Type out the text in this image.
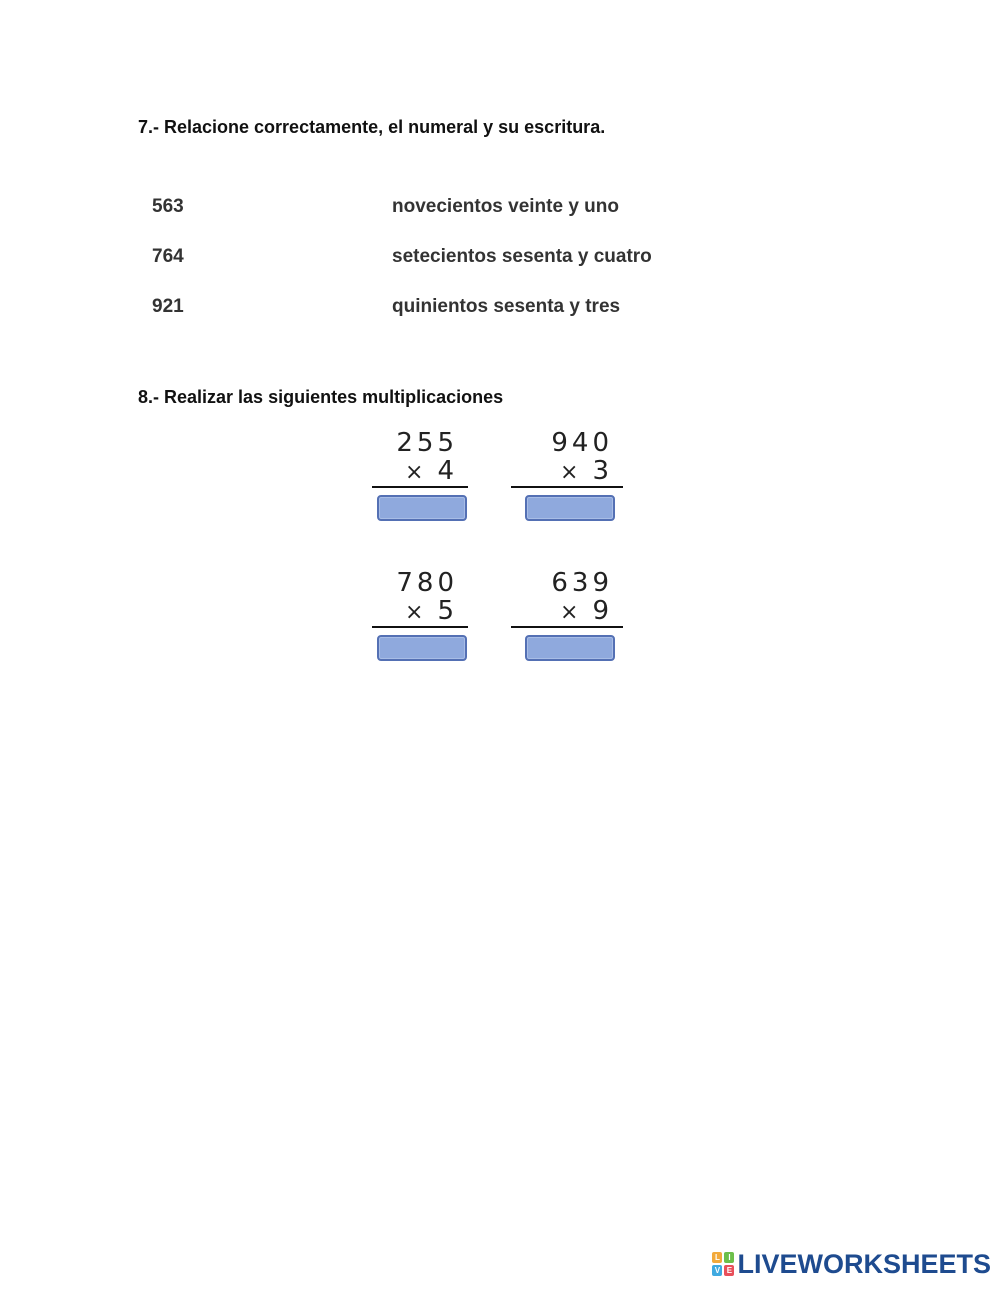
7.- Relacione correctamente, el numeral y su escritura.
563	novecientos veinte y uno
764	setecientos sesenta y cuatro
921	quinientos sesenta y tres
8.- Realizar las siguientes multiplicaciones
255
× 4
940
× 3
780
× 5
639
× 9
L	I
V E LIVEWORKSHEETS
